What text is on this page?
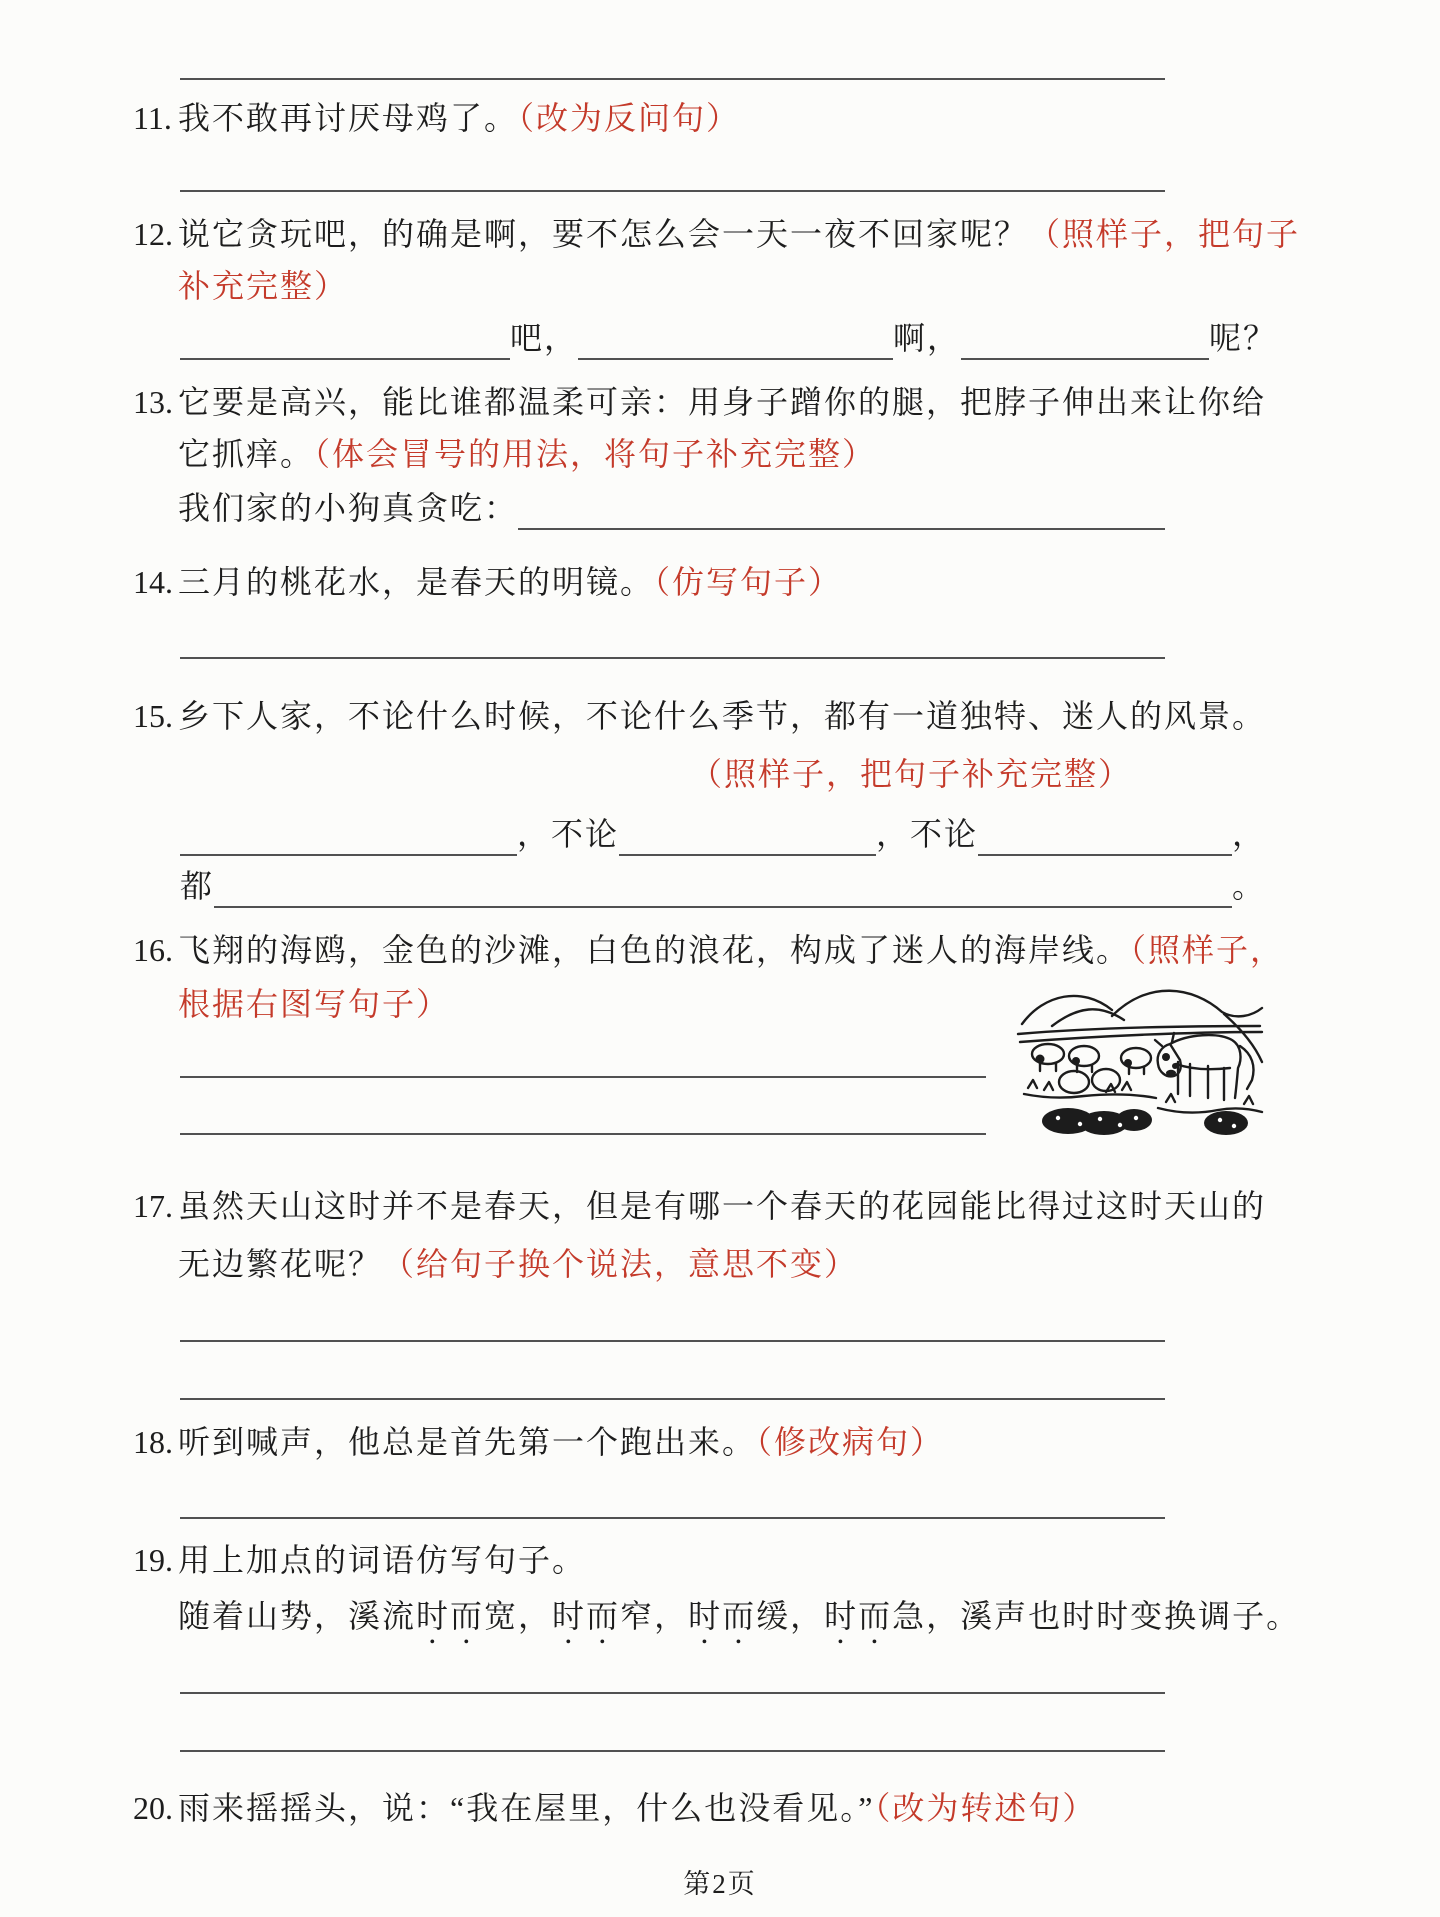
11. 我不敢再讨厌母鸡了。（改为反问句）
12. 说它贪玩吧，的确是啊，要不怎么会一天一夜不回家呢？（照样子，把句子
补充完整）
吧，	啊，	呢？
13. 它要是高兴，能比谁都温柔可亲：用身子蹭你的腿，把脖子伸出来让你给
它抓痒。（体会冒号的用法，将句子补充完整）
我们家的小狗真贪吃：
14. 三月的桃花水，是春天的明镜。（仿写句子）
15. 乡下人家，不论什么时候，不论什么季节，都有一道独特、迷人的风景。
（照样子，把句子补充完整）
，不论	，不论	，
都	。
16. 飞翔的海鸥，金色的沙滩，白色的浪花，构成了迷人的海岸线。（照样子，
根据右图写句子）
17. 虽然天山这时并不是春天，但是有哪一个春天的花园能比得过这时天山的
无边繁花呢？（给句子换个说法，意思不变）
18. 听到喊声，他总是首先第一个跑出来。（修改病句）
19. 用上加点的词语仿写句子。
随着山势，溪流时而宽，时而窄，时而缓，时而急，溪声也时时变换调子。
20. 雨来摇摇头，说：“我在屋里，什么也没看见。”（改为转述句）
第2页
